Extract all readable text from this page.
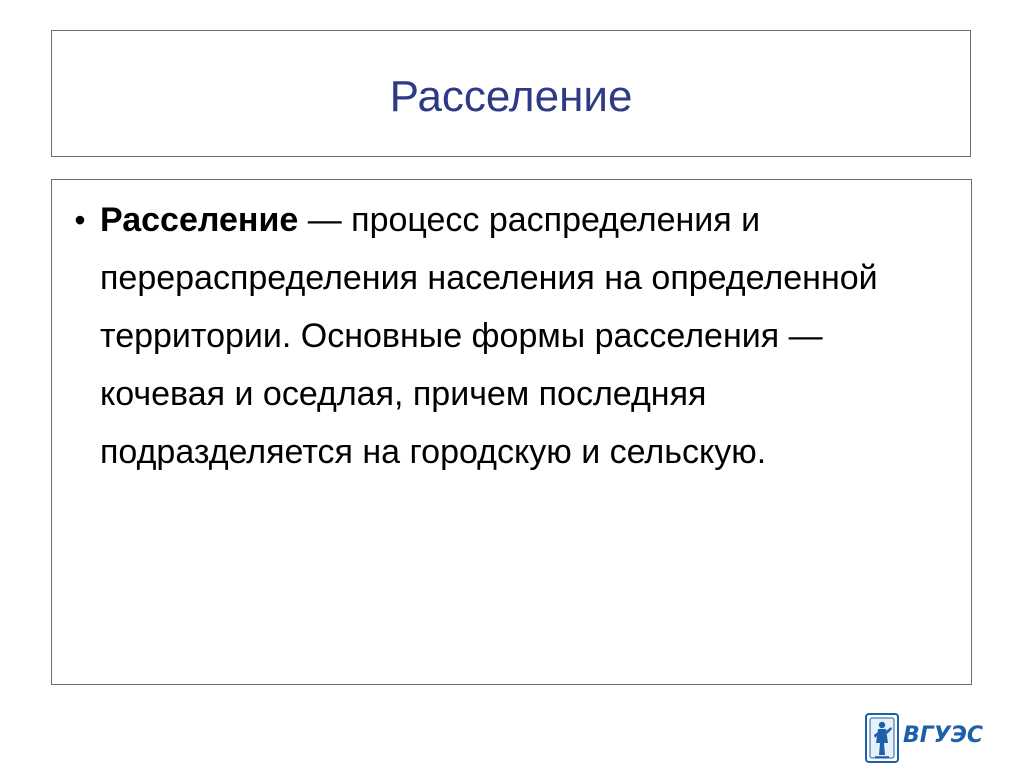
Расселение
• Расселение — процесс распределения и перераспределения населения на определенной территории. Основные формы расселения — кочевая и оседлая, причем последняя подразделяется на городскую и сельскую.
ВГУЭС
